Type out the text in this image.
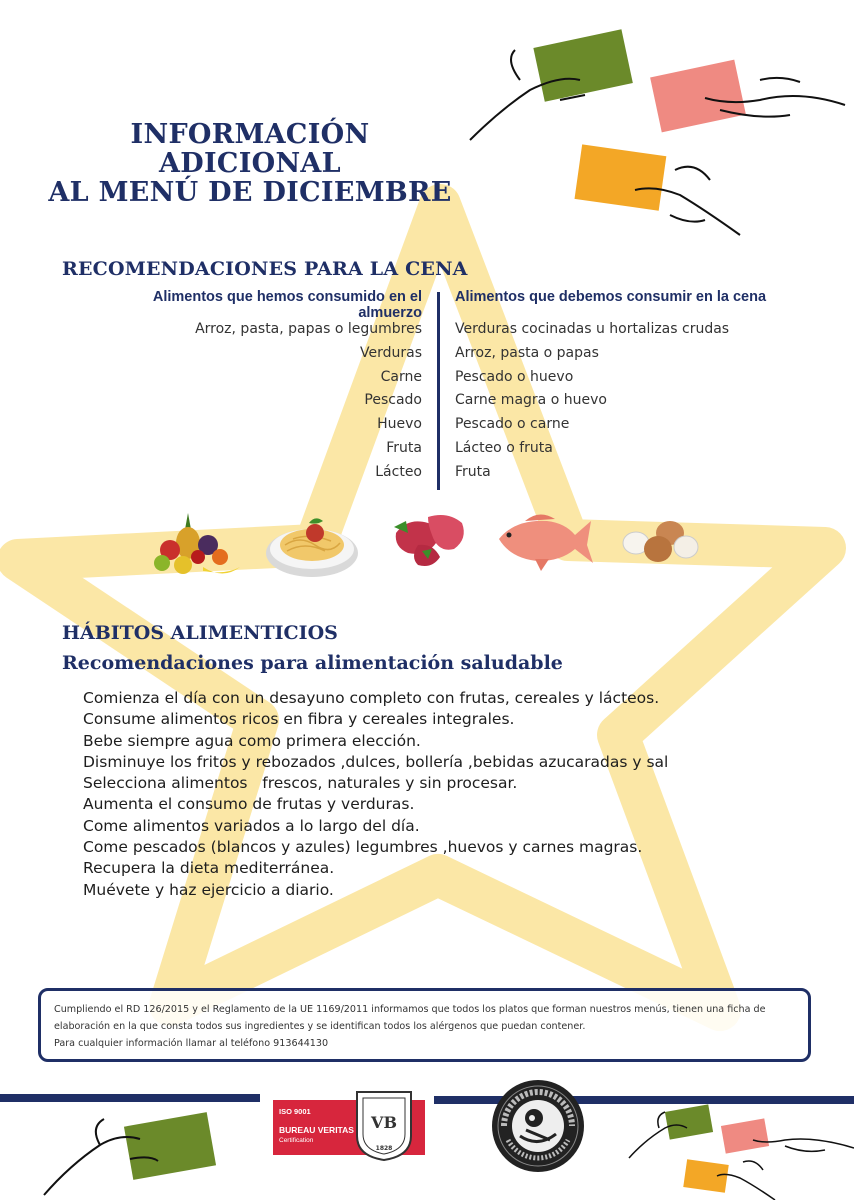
INFORMACIÓN ADICIONAL
AL MENÚ DE DICIEMBRE
RECOMENDACIONES PARA LA CENA
Alimentos que hemos consumido en el almuerzo
Alimentos que debemos consumir en la cena
Arroz, pasta, papas o legumbres
Verduras
Carne
Pescado
Huevo
Fruta
Lácteo
Verduras cocinadas u hortalizas crudas
Arroz, pasta o papas
Pescado o huevo
Carne magra o huevo
Pescado o carne
Lácteo o fruta
Fruta
HÁBITOS ALIMENTICIOS
Recomendaciones para alimentación saludable
Comienza el día con un desayuno completo con frutas, cereales y lácteos.
Consume alimentos ricos en fibra y cereales integrales.
Bebe siempre agua como primera elección.
Disminuye los fritos y rebozados ,dulces, bollería ,bebidas azucaradas y sal
Selecciona alimentos   frescos, naturales y sin procesar.
Aumenta el consumo de frutas y verduras.
Come alimentos variados a lo largo del día.
Come pescados (blancos y azules) legumbres ,huevos y carnes magras.
Recupera la dieta mediterránea.
Muévete y haz ejercicio a diario.

Cumpliendo el RD 126/2015 y el Reglamento de la UE 1169/2011 informamos que todos los platos que forman nuestros menús, tienen una ficha de

elaboración en la que consta todos sus ingredientes y se identifican todos los alérgenos que puedan contener.

Para cualquier información llamar al teléfono 913644130

ISO 9001
BUREAU VERITAS
Certification
VB
1828
